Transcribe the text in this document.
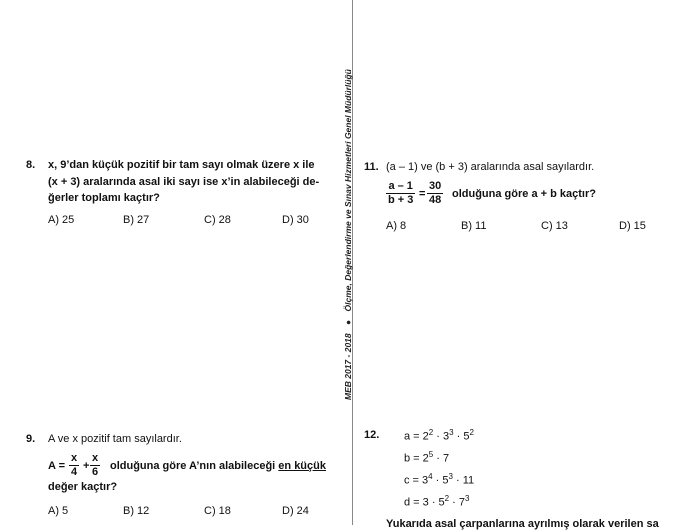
MEB 2017 - 2018 ● Ölçme, Değerlendirme ve Sınav Hizmetleri Genel Müdürlüğü
8. x, 9’dan küçük pozitif bir tam sayı olmak üzere x ile
(x + 3) aralarında asal iki sayı ise x’in alabileceği de-
ğerler toplamı kaçtır?
A) 25	B) 27	C) 28	D) 30
9. A ve x pozitif tam sayılardır.
$A = \frac{x}{4} + \frac{x}{6}$ olduğuna göre A’nın alabileceği en küçük
değer kaçtır?
A) 5	B) 12	C) 18	D) 24
11. (a – 1) ve (b + 3) aralarında asal sayılardır.
$\frac{a - 1}{b + 3} = \frac{30}{48}$ olduğuna göre a + b kaçtır?
A) 8	B) 11	C) 13	D) 15
12. $a = 2^2 \cdot 3^3 \cdot 5^2$
$b = 2^5 \cdot 7$
$c = 3^4 \cdot 5^3 \cdot 11$
$d = 3 \cdot 5^2 \cdot 7^3$
Yukarıda asal çarpanlarına ayrılmış olarak verilen sa
